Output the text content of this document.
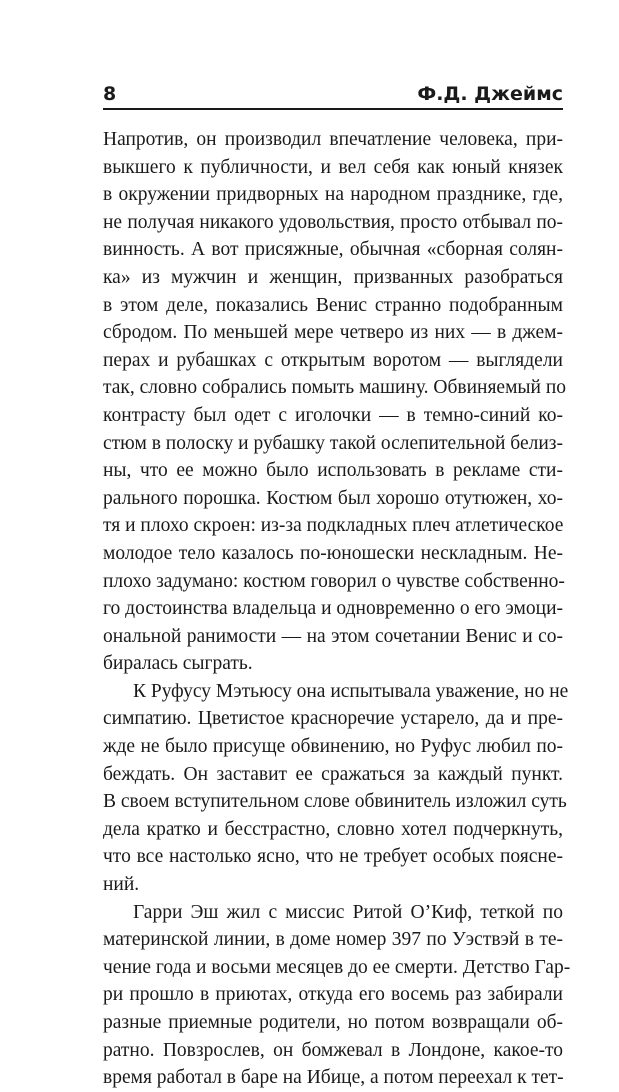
8	Ф.Д. Джеймс
Напротив, он производил впечатление человека, при-
выкшего к публичности, и вел себя как юный князек
в окружении придворных на народном празднике, где,
не получая никакого удовольствия, просто отбывал по-
винность. А вот присяжные, обычная «сборная солян-
ка» из мужчин и женщин, призванных разобраться
в этом деле, показались Венис странно подобранным
сбродом. По меньшей мере четверо из них — в джем-
перах и рубашках с открытым воротом — выглядели
так, словно собрались помыть машину. Обвиняемый по
контрасту был одет с иголочки — в темно-синий ко-
стюм в полоску и рубашку такой ослепительной белиз-
ны, что ее можно было использовать в рекламе сти-
рального порошка. Костюм был хорошо отутюжен, хо-
тя и плохо скроен: из-за подкладных плеч атлетическое
молодое тело казалось по-юношески нескладным. Не-
плохо задумано: костюм говорил о чувстве собственно-
го достоинства владельца и одновременно о его эмоци-
ональной ранимости — на этом сочетании Венис и со-
биралась сыграть.
К Руфусу Мэтьюсу она испытывала уважение, но не
симпатию. Цветистое красноречие устарело, да и пре-
жде не было присуще обвинению, но Руфус любил по-
беждать. Он заставит ее сражаться за каждый пункт.
В своем вступительном слове обвинитель изложил суть
дела кратко и бесстрастно, словно хотел подчеркнуть,
что все настолько ясно, что не требует особых поясне-
ний.
Гарри Эш жил с миссис Ритой О’Киф, теткой по
материнской линии, в доме номер 397 по Уэствэй в те-
чение года и восьми месяцев до ее смерти. Детство Гар-
ри прошло в приютах, откуда его восемь раз забирали
разные приемные родители, но потом возвращали об-
ратно. Повзрослев, он бомжевал в Лондоне, какое-то
время работал в баре на Ибице, а потом переехал к тет-
